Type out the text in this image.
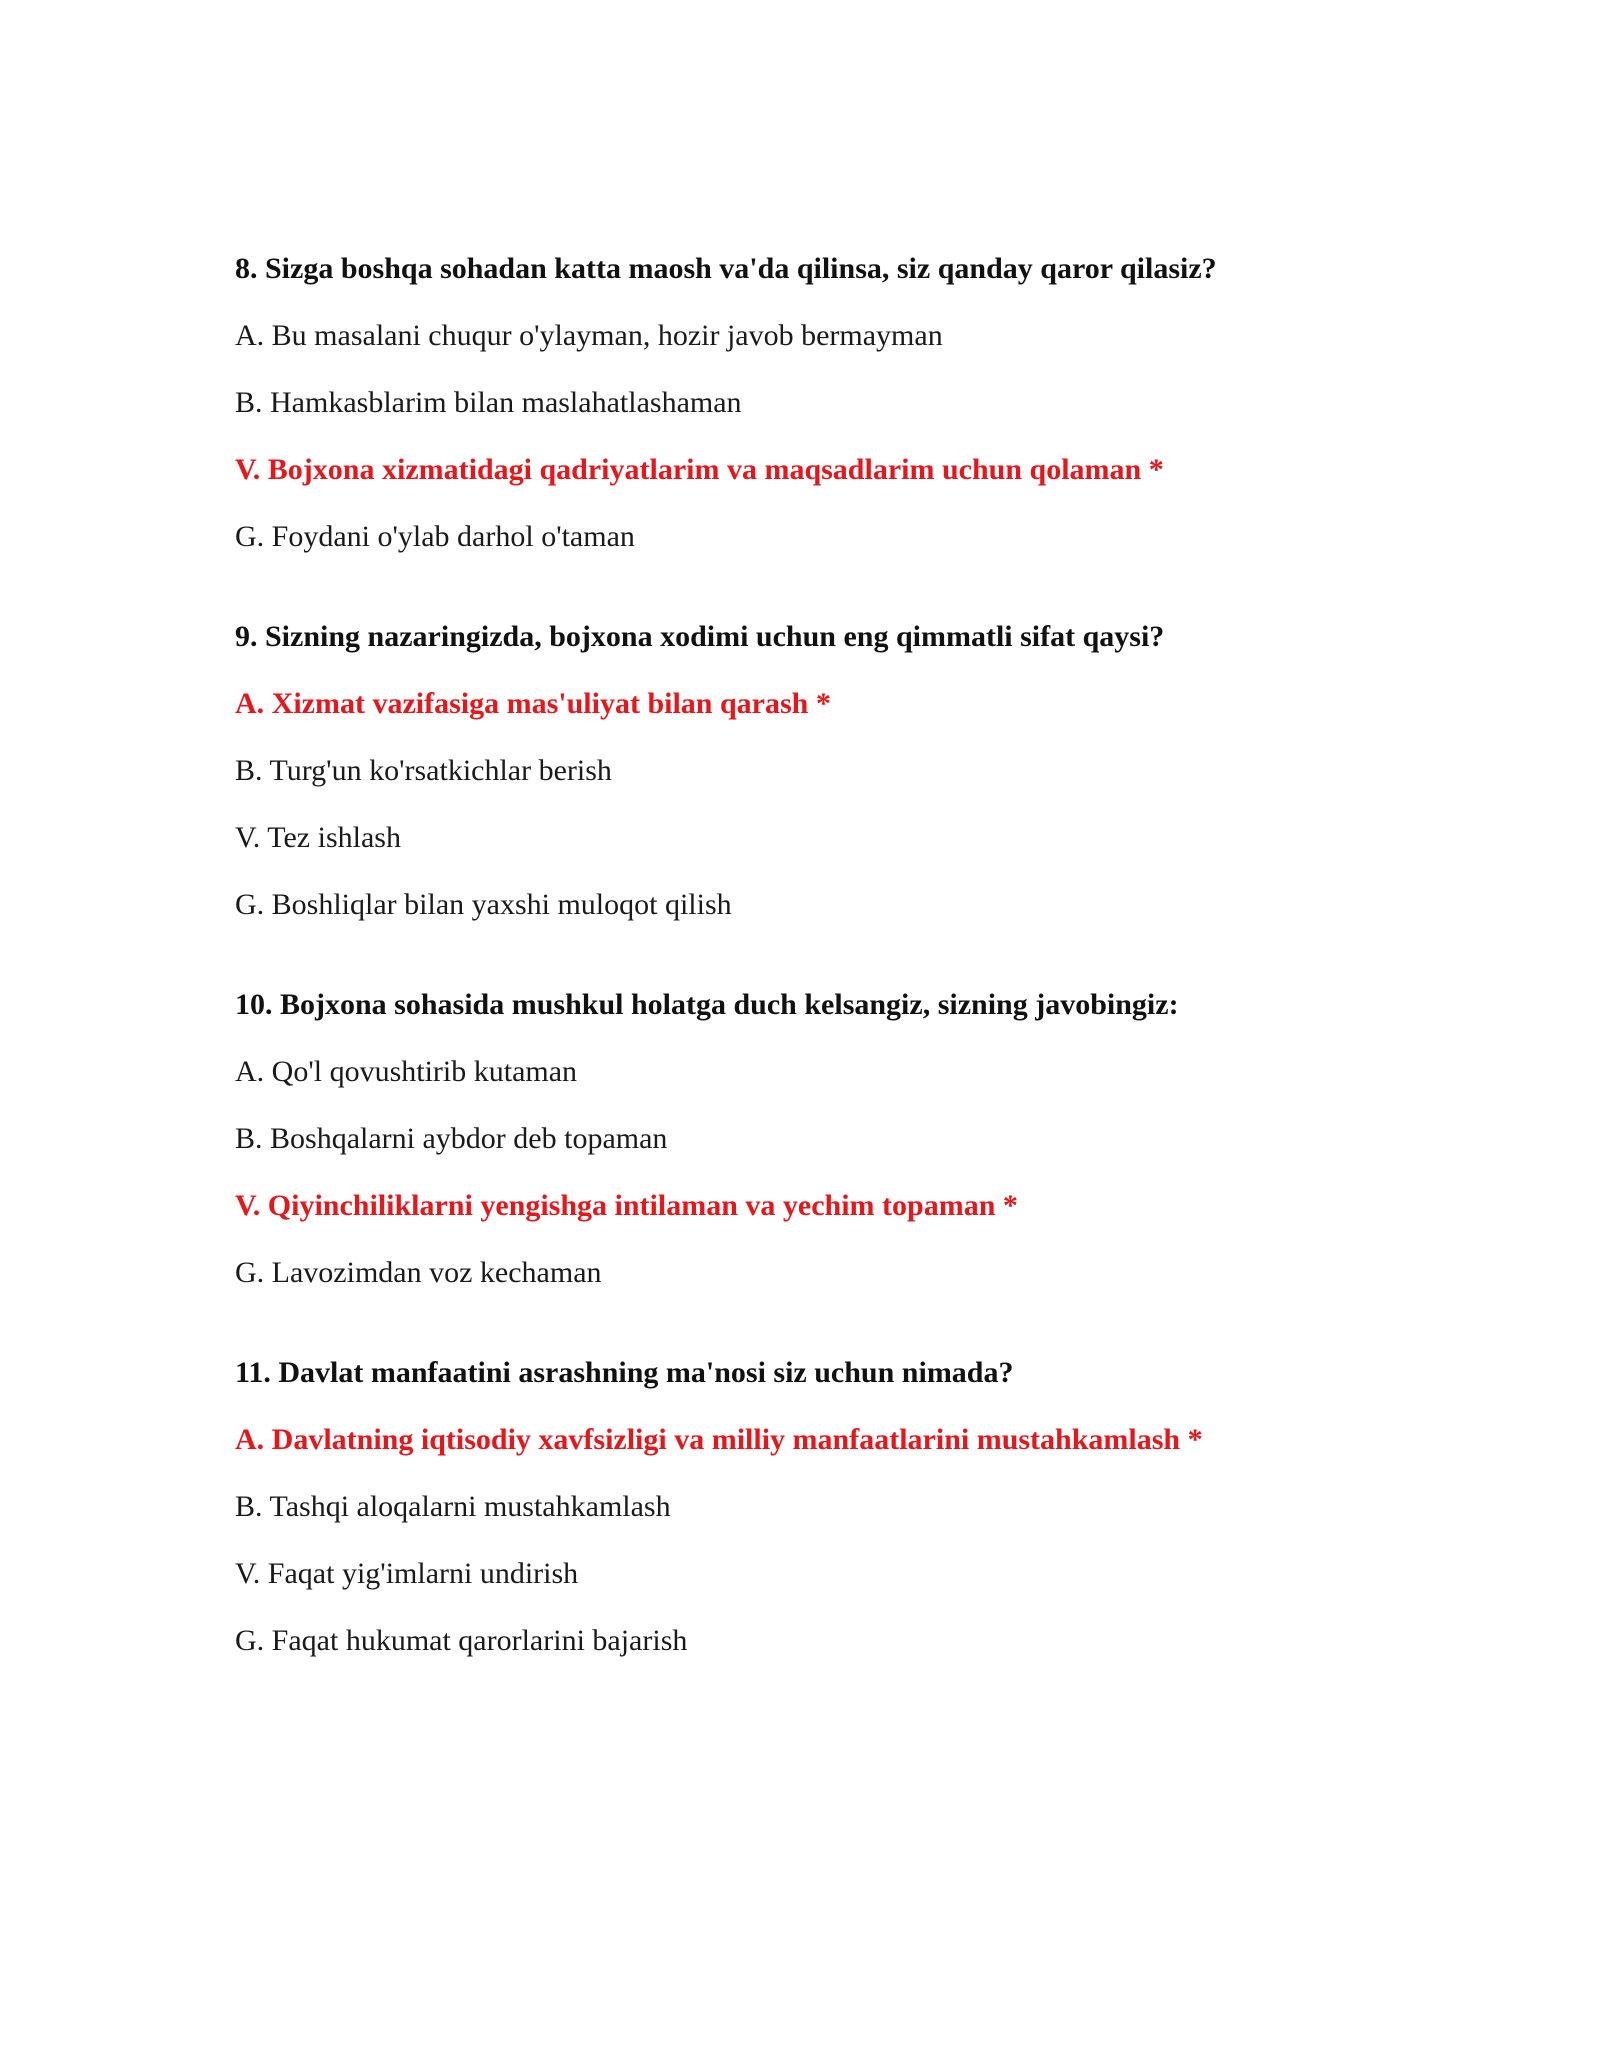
8. Sizga boshqa sohadan katta maosh va'da qilinsa, siz qanday qaror qilasiz?
A. Bu masalani chuqur o'ylayman, hozir javob bermayman
B. Hamkasblarim bilan maslahatlashaman
V. Bojxona xizmatidagi qadriyatlarim va maqsadlarim uchun qolaman *
G. Foydani o'ylab darhol o'taman
9. Sizning nazaringizda, bojxona xodimi uchun eng qimmatli sifat qaysi?
A. Xizmat vazifasiga mas'uliyat bilan qarash *
B. Turg'un ko'rsatkichlar berish
V. Tez ishlash
G. Boshliqlar bilan yaxshi muloqot qilish
10. Bojxona sohasida mushkul holatga duch kelsangiz, sizning javobingiz:
A. Qo'l qovushtirib kutaman
B. Boshqalarni aybdor deb topaman
V. Qiyinchiliklarni yengishga intilaman va yechim topaman *
G. Lavozimdan voz kechaman
11. Davlat manfaatini asrashning ma'nosi siz uchun nimada?
A. Davlatning iqtisodiy xavfsizligi va milliy manfaatlarini mustahkamlash *
B. Tashqi aloqalarni mustahkamlash
V. Faqat yig'imlarni undirish
G. Faqat hukumat qarorlarini bajarish
